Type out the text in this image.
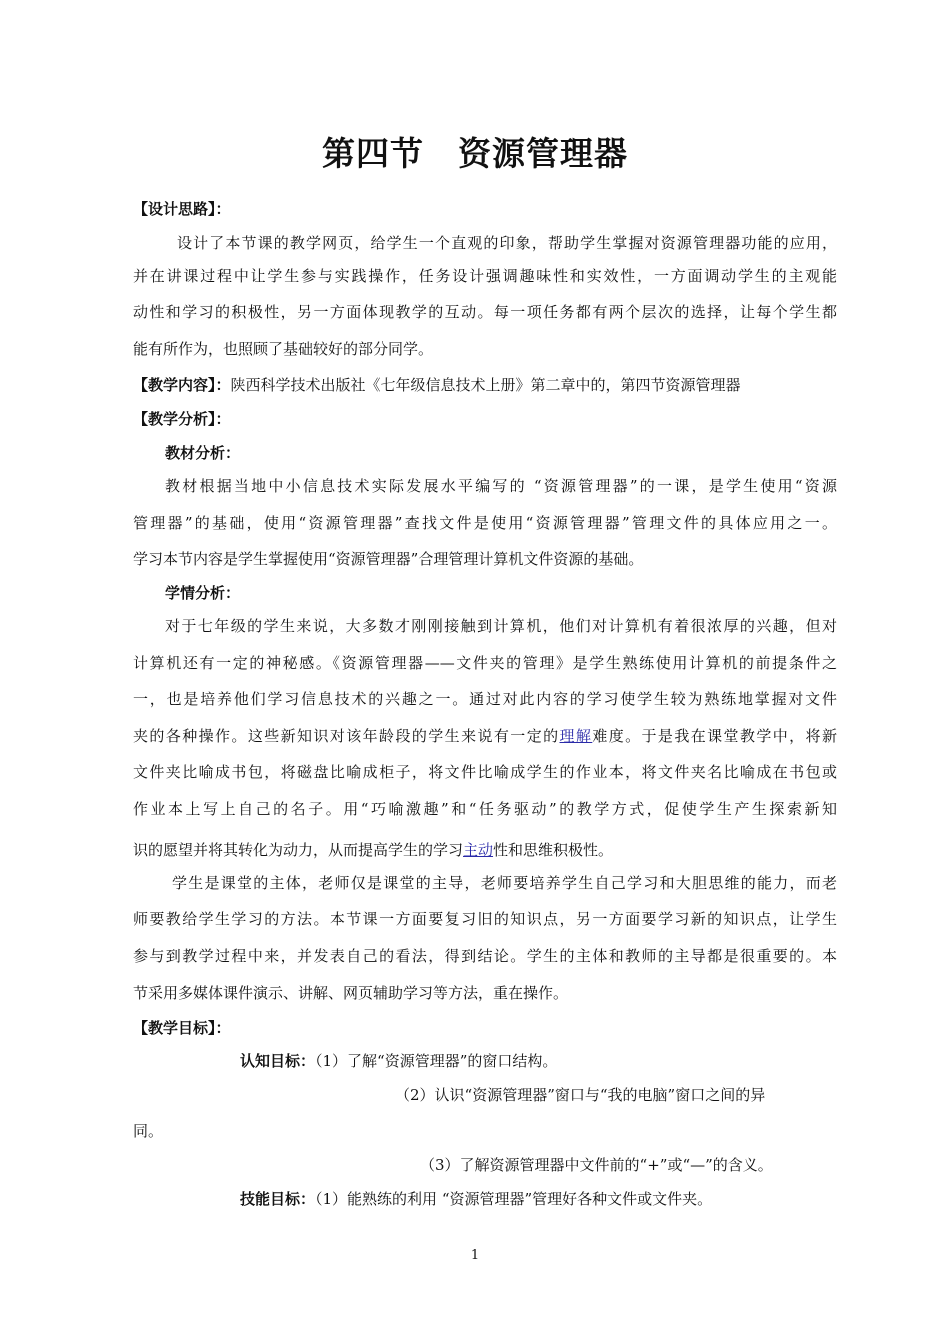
第四节　资源管理器
【设计思路】：
设计了本节课的教学网页，给学生一个直观的印象，帮助学生掌握对资源管理器功能的应用，
并在讲课过程中让学生参与实践操作，任务设计强调趣味性和实效性，一方面调动学生的主观能
动性和学习的积极性，另一方面体现教学的互动。每一项任务都有两个层次的选择，让每个学生都
能有所作为，也照顾了基础较好的部分同学。
【教学内容】：陕西科学技术出版社《七年级信息技术上册》第二章中的，第四节资源管理器
【教学分析】：
教材分析：
教材根据当地中小信息技术实际发展水平编写的 “资源管理器”的一课，是学生使用“资源
管理器”的基础，使用“资源管理器”查找文件是使用“资源管理器”管理文件的具体应用之一。
学习本节内容是学生掌握使用“资源管理器”合理管理计算机文件资源的基础。
学情分析：
对于七年级的学生来说，大多数才刚刚接触到计算机，他们对计算机有着很浓厚的兴趣，但对
计算机还有一定的神秘感。《资源管理器——文件夹的管理》是学生熟练使用计算机的前提条件之
一，也是培养他们学习信息技术的兴趣之一。通过对此内容的学习使学生较为熟练地掌握对文件
夹的各种操作。这些新知识对该年龄段的学生来说有一定的理解难度。于是我在课堂教学中，将新
文件夹比喻成书包，将磁盘比喻成柜子，将文件比喻成学生的作业本，将文件夹名比喻成在书包或
作业本上写上自己的名子。用“巧喻激趣”和“任务驱动”的教学方式，促使学生产生探索新知
识的愿望并将其转化为动力，从而提高学生的学习主动性和思维积极性。
学生是课堂的主体，老师仅是课堂的主导，老师要培养学生自己学习和大胆思维的能力，而老
师要教给学生学习的方法。本节课一方面要复习旧的知识点，另一方面要学习新的知识点，让学生
参与到教学过程中来，并发表自己的看法，得到结论。学生的主体和教师的主导都是很重要的。本
节采用多媒体课件演示、讲解、网页辅助学习等方法，重在操作。
【教学目标】：
认知目标：（1）了解“资源管理器”的窗口结构。
（2）认识“资源管理器”窗口与“我的电脑”窗口之间的异
同。
（3）了解资源管理器中文件前的“+”或“—”的含义。
技能目标：（1）能熟练的利用 “资源管理器”管理好各种文件或文件夹。
1
